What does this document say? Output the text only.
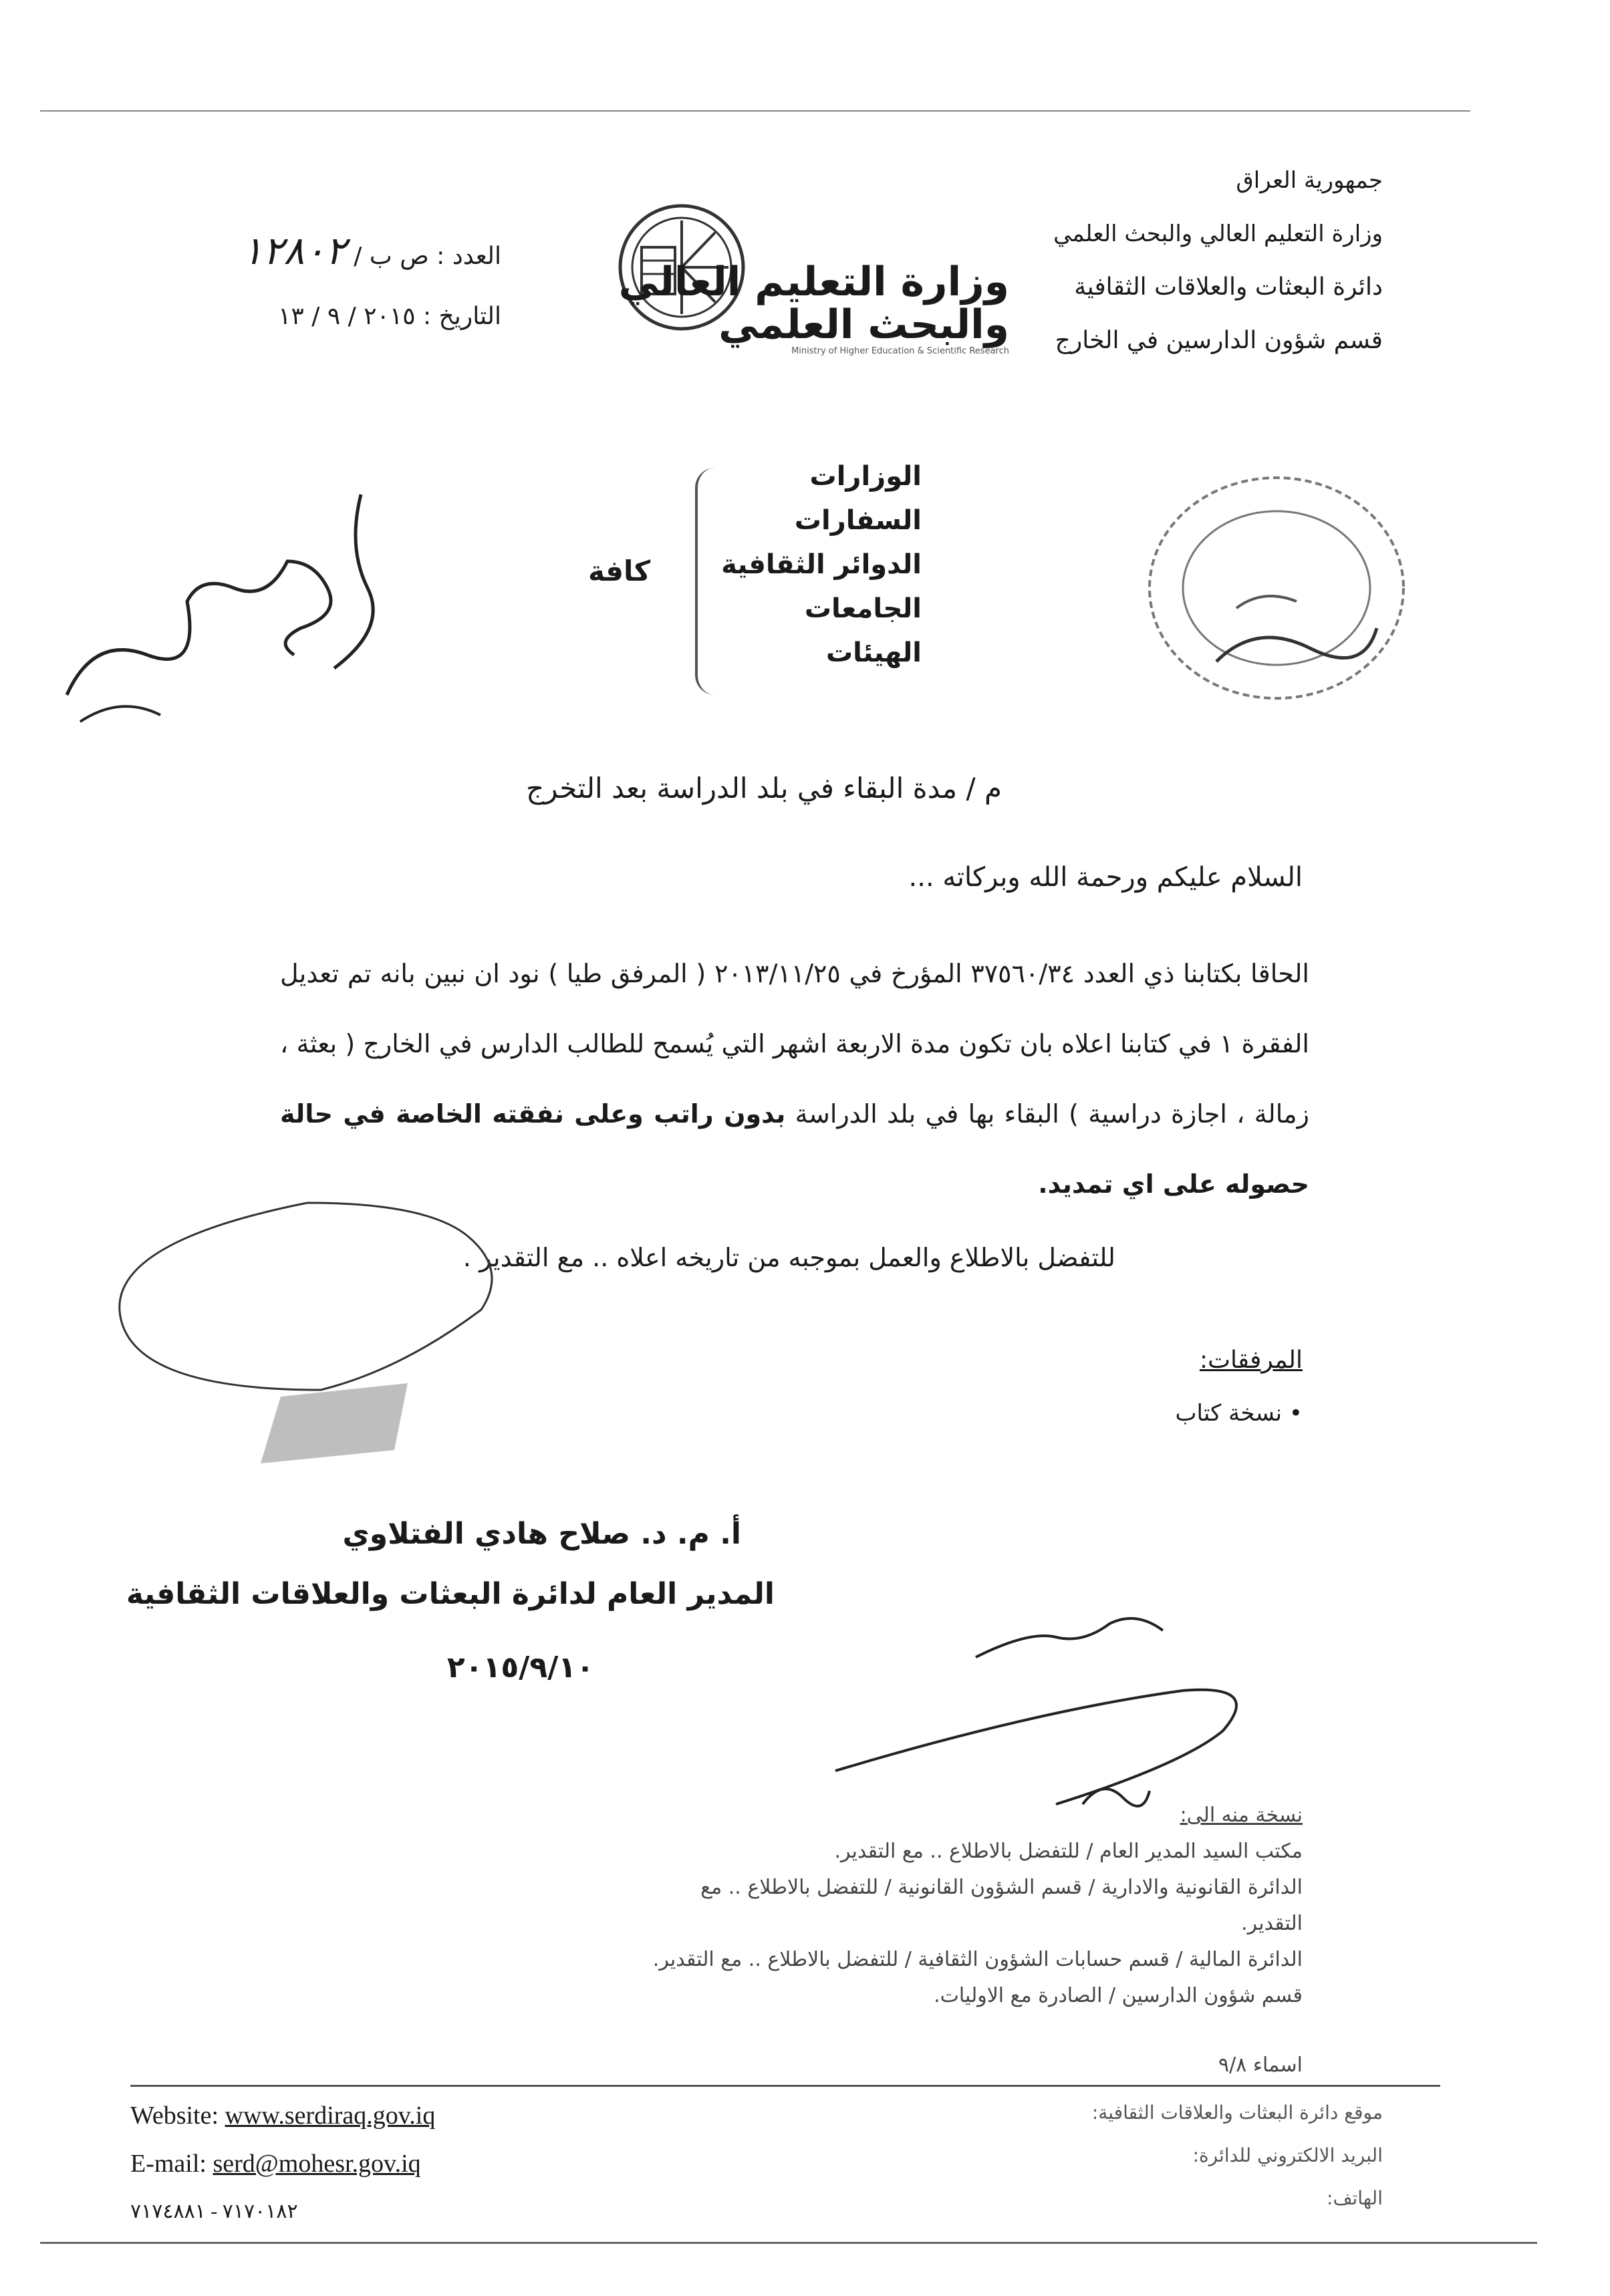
جمهورية العراق
وزارة التعليم العالي والبحث العلمي
دائرة البعثات والعلاقات الثقافية
قسم شؤون الدارسين في الخارج
وزارة التعليم العالي
والبحث العلمي
Ministry of Higher Education & Scientific Research
العدد : ص ب / ١٢٨٠٢
التاريخ : ٢٠١٥ / ٩ / ١٣
الوزارات
السفارات
الدوائر الثقافية
الجامعات
الهيئات
كافة
م / مدة البقاء في بلد الدراسة بعد التخرج
السلام عليكم ورحمة الله وبركاته ...
الحاقا بكتابنا ذي العدد ٣٧٥٦٠/٣٤ المؤرخ في ٢٠١٣/١١/٢٥ ( المرفق طيا ) نود ان نبين بانه تم تعديل الفقرة ١ في كتابنا اعلاه بان تكون مدة الاربعة اشهر التي يُسمح للطالب الدارس في الخارج ( بعثة ، زمالة ، اجازة دراسية ) البقاء بها في بلد الدراسة بدون راتب وعلى نفقته الخاصة في حالة حصوله على اي تمديد.
للتفضل بالاطلاع والعمل بموجبه من تاريخه اعلاه .. مع التقدير .
المرفقات:
• نسخة كتاب
أ. م. د. صلاح هادي الفتلاوي
المدير العام لدائرة البعثات والعلاقات الثقافية
٢٠١٥/٩/١٠
نسخة منه الى:
مكتب السيد المدير العام / للتفضل بالاطلاع .. مع التقدير.
الدائرة القانونية والادارية / قسم الشؤون القانونية / للتفضل بالاطلاع .. مع التقدير.
الدائرة المالية / قسم حسابات الشؤون الثقافية / للتفضل بالاطلاع .. مع التقدير.
قسم شؤون الدارسين / الصادرة مع الاوليات.
اسماء ٩/٨
Website: www.serdiraq.gov.iq
E-mail: serd@mohesr.gov.iq
٧١٧٠١٨٢ - ٧١٧٤٨٨١
موقع دائرة البعثات والعلاقات الثقافية:
البريد الالكتروني للدائرة:
الهاتف:
